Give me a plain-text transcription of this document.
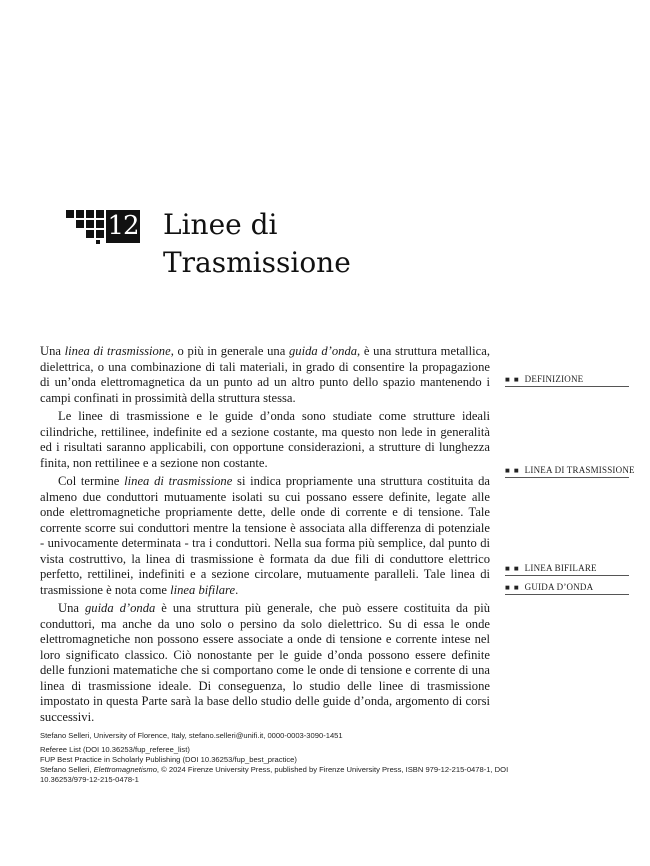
12 Linee di
Trasmissione

Una linea di trasmissione, o più in generale una guida d’onda, è una struttura metallica, dielettrica, o una combinazione di tali materiali, in grado di consentire la propagazione di un’onda elettromagnetica da un punto ad un altro punto dello spazio mantenendo i campi confinati in prossimità della struttura stessa.

Le linee di trasmissione e le guide d’onda sono studiate come strutture ideali cilindriche, rettilinee, indefinite ed a sezione costante, ma questo non lede in generalità ed i risultati saranno applicabili, con opportune considerazioni, a strutture di lunghezza finita, non rettilinee e a sezione non costante.

Col termine linea di trasmissione si indica propriamente una struttura costituita da almeno due conduttori mutuamente isolati su cui possano essere definite, legate alle onde elettromagnetiche propriamente dette, delle onde di corrente e di tensione. Tale corrente scorre sui conduttori mentre la tensione è associata alla differenza di potenziale - univocamente determinata - tra i conduttori. Nella sua forma più semplice, dal punto di vista costruttivo, la linea di trasmissione è formata da due fili di conduttore elettrico perfetto, rettilinei, indefiniti e a sezione circolare, mutuamente paralleli. Tale linea di trasmissione è nota come linea bifilare.

Una guida d’onda è una struttura più generale, che può essere costituita da più conduttori, ma anche da uno solo o persino da solo dielettrico. Su di essa le onde elettromagnetiche non possono essere associate a onde di tensione e corrente intese nel loro significato classico. Ciò nonostante per le guide d’onda possono essere definite delle funzioni matematiche che si comportano come le onde di tensione e corrente di una linea di trasmissione ideale. Di conseguenza, lo studio delle linee di trasmissione impostato in questa Parte sarà la base dello studio delle guide d’onda, argomento di corsi successivi.

■ ■ DEFINIZIONE
■ ■ LINEA DI TRASMISSIONE
■ ■ LINEA BIFILARE
■ ■ GUIDA D’ONDA
Stefano Selleri, University of Florence, Italy, stefano.selleri@unifi.it, 0000-0003-3090-1451
Referee List (DOI 10.36253/fup_referee_list)
FUP Best Practice in Scholarly Publishing (DOI 10.36253/fup_best_practice)
Stefano Selleri, Elettromagnetismo, © 2024 Firenze University Press, published by Firenze University Press, ISBN 979-12-215-0478-1, DOI 10.36253/979-12-215-0478-1
